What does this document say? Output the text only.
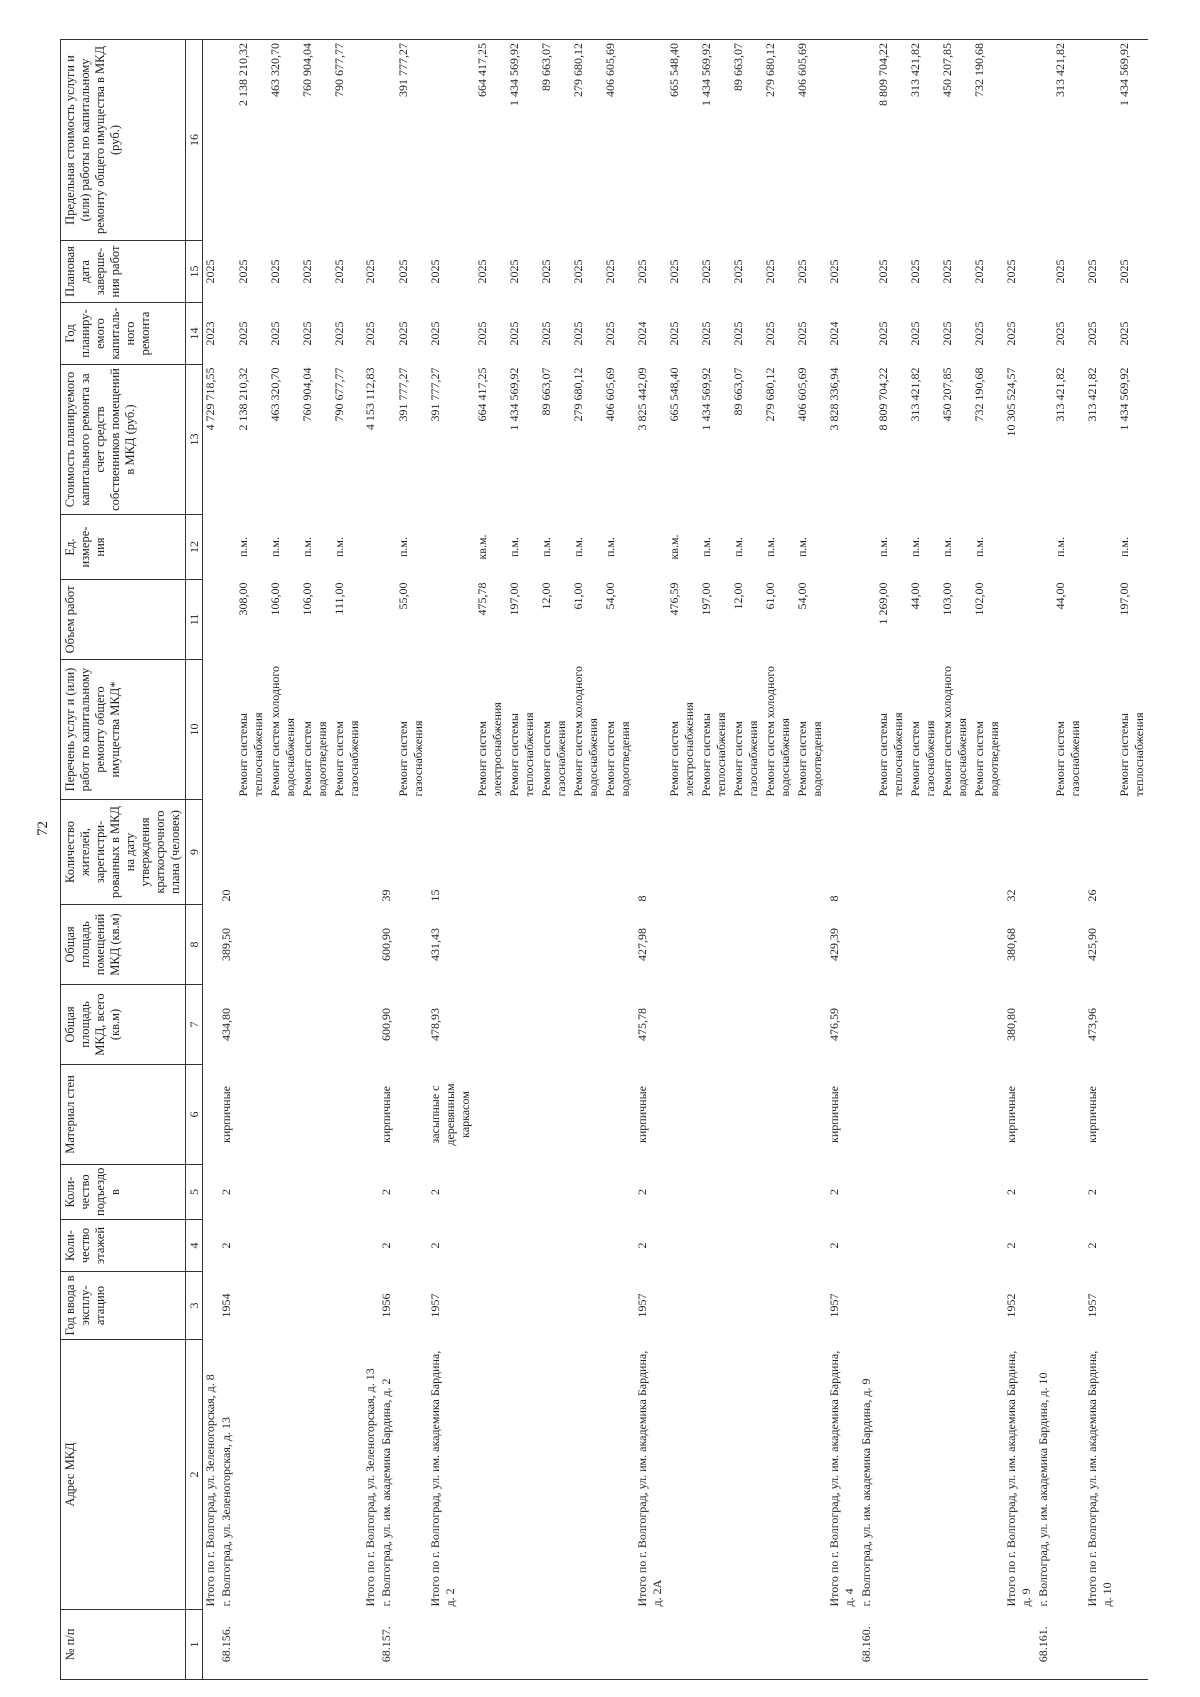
72
№ п/п	Адрес МКД	Год ввода в эксплу-атацию	Коли-чество этажей	Коли-чество подъездо в	Материал стен	Общая площадь МКД, всего (кв.м)	Общая площадь помещений МКД (кв.м)	Количество жителей, зарегистри-рованных в МКД на дату утверждения краткосрочного плана (человек)	Перечень услуг и (или) работ по капитальному ремонту общего имущества МКД*	Объем работ	Ед. измере-ния	Стоимость планируемого капитального ремонта за счет средств собственников помещений в МКД (руб.)	Год планиру-емого капиталь-ного ремонта	Плановая дата заверше-ния работ	Предельная стоимость услуги и (или) работы по капитальному ремонту общего имущества в МКД (руб.)
1	2	3	4	5	6	7	8	9	10	11	12	13	14	15	16
	Итого по г. Волгоград, ул. Зеленогорская, д. 8											4 729 718,55	2023	2025	
68.156.	г. Волгоград, ул. Зеленогорская, д. 13	1954	2	2	кирпичные	434,80	389,50	20							
									Ремонт системы теплоснабжения	308,00	п.м.	2 138 210,32	2025	2025	2 138 210,32
									Ремонт систем холодного водоснабжения	106,00	п.м.	463 320,70	2025	2025	463 320,70
									Ремонт систем водоотведения	106,00	п.м.	760 904,04	2025	2025	760 904,04
									Ремонт систем газоснабжения	111,00	п.м.	790 677,77	2025	2025	790 677,77
	Итого по г. Волгоград, ул. Зеленогорская, д. 13											4 153 112,83	2025	2025	
68.157.	г. Волгоград, ул. им. академика Бардина, д. 2	1956	2	2	кирпичные	600,90	600,90	39							
									Ремонт систем газоснабжения	55,00	п.м.	391 777,27	2025	2025	391 777,27
	Итого по г. Волгоград, ул. им. академика Бардина, д. 2	1957	2	2	засыпные с деревянным каркасом	478,93	431,43	15				391 777,27	2025	2025	
									Ремонт систем электроснабжения	475,78	кв.м.	664 417,25	2025	2025	664 417,25
									Ремонт системы теплоснабжения	197,00	п.м.	1 434 569,92	2025	2025	1 434 569,92
									Ремонт систем газоснабжения	12,00	п.м.	89 663,07	2025	2025	89 663,07
									Ремонт систем холодного водоснабжения	61,00	п.м.	279 680,12	2025	2025	279 680,12
									Ремонт систем водоотведения	54,00	п.м.	406 605,69	2025	2025	406 605,69
	Итого по г. Волгоград, ул. им. академика Бардина, д. 2А	1957	2	2	кирпичные	475,78	427,98	8				3 825 442,09	2024	2025	
									Ремонт систем электроснабжения	476,59	кв.м.	665 548,40	2025	2025	665 548,40
									Ремонт системы теплоснабжения	197,00	п.м.	1 434 569,92	2025	2025	1 434 569,92
									Ремонт систем газоснабжения	12,00	п.м.	89 663,07	2025	2025	89 663,07
									Ремонт систем холодного водоснабжения	61,00	п.м.	279 680,12	2025	2025	279 680,12
									Ремонт систем водоотведения	54,00	п.м.	406 605,69	2025	2025	406 605,69
	Итого по г. Волгоград, ул. им. академика Бардина, д. 4	1957	2	2	кирпичные	476,59	429,39	8				3 828 336,94	2024	2025	
68.160.	г. Волгоград, ул. им. академика Бардина, д. 9														
									Ремонт системы теплоснабжения	1 269,00	п.м.	8 809 704,22	2025	2025	8 809 704,22
									Ремонт систем газоснабжения	44,00	п.м.	313 421,82	2025	2025	313 421,82
									Ремонт систем холодного водоснабжения	103,00	п.м.	450 207,85	2025	2025	450 207,85
									Ремонт систем водоотведения	102,00	п.м.	732 190,68	2025	2025	732 190,68
	Итого по г. Волгоград, ул. им. академика Бардина, д. 9	1952	2	2	кирпичные	380,80	380,68	32				10 305 524,57	2025	2025	
68.161.	г. Волгоград, ул. им. академика Бардина, д. 10														
									Ремонт систем газоснабжения	44,00	п.м.	313 421,82	2025	2025	313 421,82
	Итого по г. Волгоград, ул. им. академика Бардина, д. 10	1957	2	2	кирпичные	473,96	425,90	26				313 421,82	2025	2025	
									Ремонт системы теплоснабжения	197,00	п.м.	1 434 569,92	2025	2025	1 434 569,92
